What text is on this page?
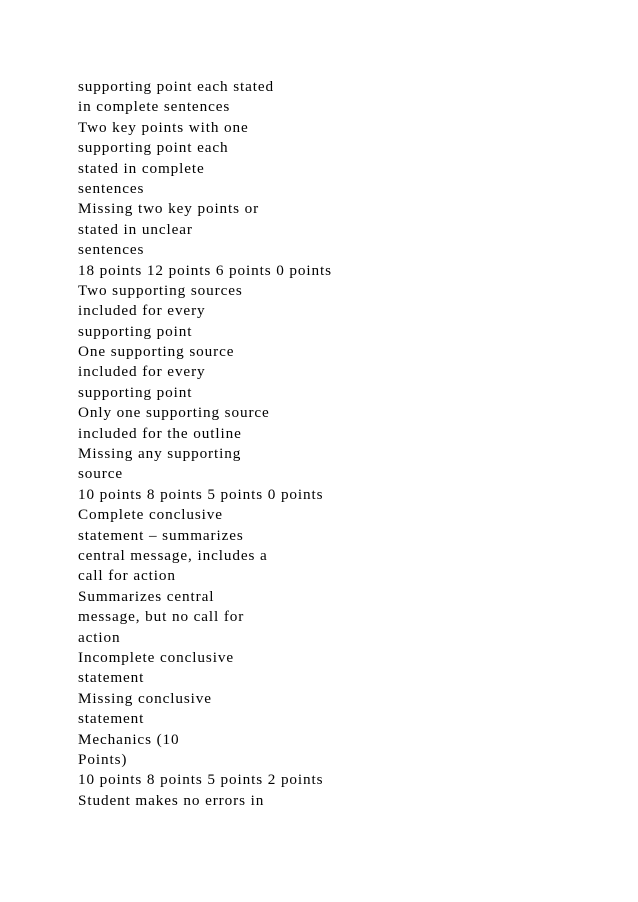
supporting point each stated
in complete sentences
Two key points with one
supporting point each
stated in complete
sentences
Missing two key points or
stated in unclear
sentences
18 points 12 points 6 points 0 points
Two supporting sources
included for every
supporting point
One supporting source
included for every
supporting point
Only one supporting source
included for the outline
Missing any supporting
source
10 points 8 points 5 points 0 points
Complete conclusive
statement – summarizes
central message, includes a
call for action
Summarizes central
message, but no call for
action
Incomplete conclusive
statement
Missing conclusive
statement
Mechanics (10
Points)
10 points 8 points 5 points 2 points
Student makes no errors in
